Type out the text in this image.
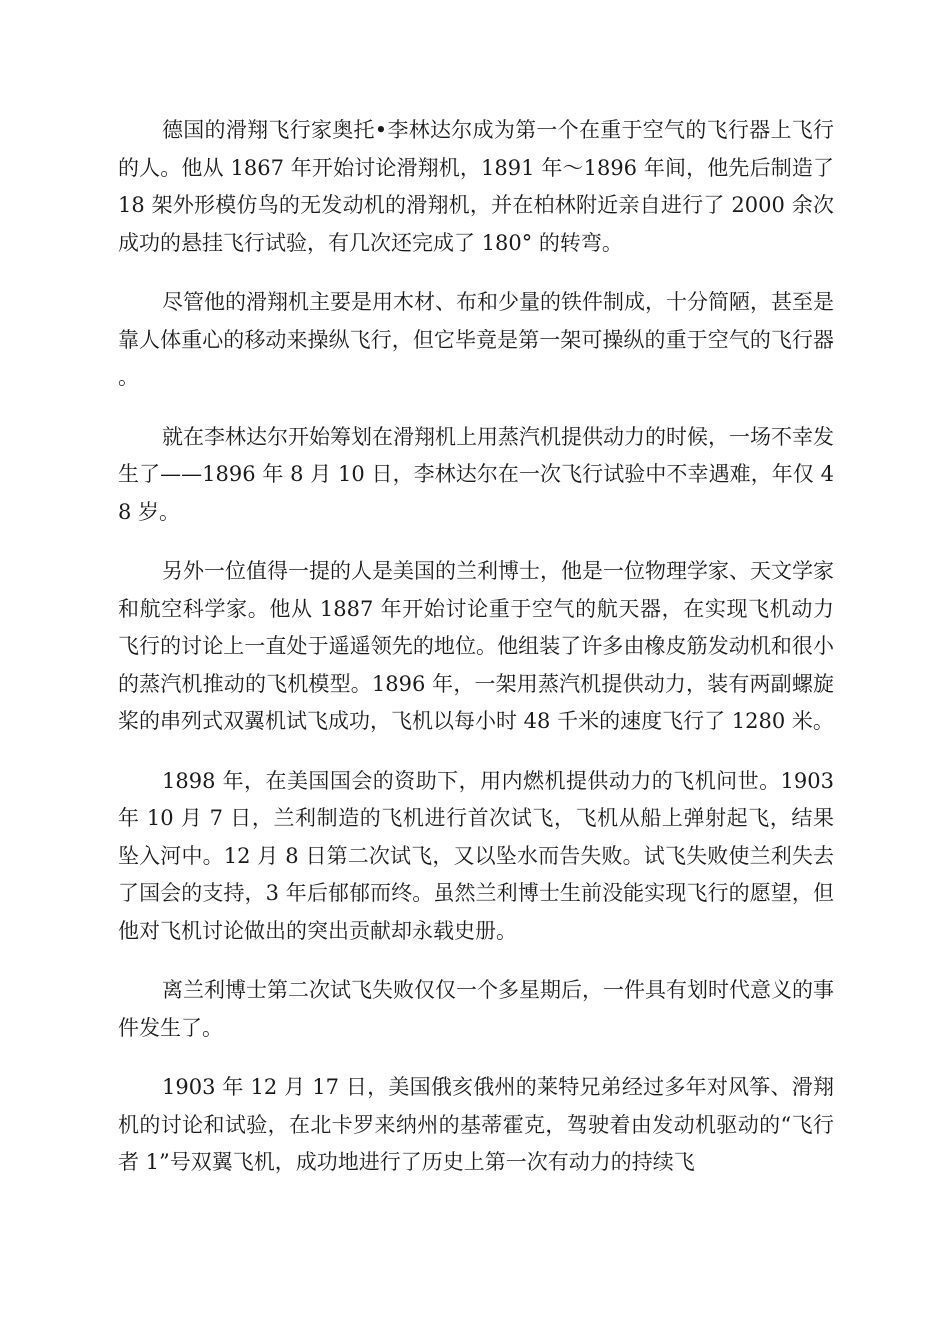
德国的滑翔飞行家奥托•李林达尔成为第一个在重于空气的飞行器上飞行的人。他从 1867 年开始讨论滑翔机，1891 年～1896 年间，他先后制造了 18 架外形模仿鸟的无发动机的滑翔机，并在柏林附近亲自进行了 2000 余次成功的悬挂飞行试验，有几次还完成了 180° 的转弯。

尽管他的滑翔机主要是用木材、布和少量的铁件制成，十分简陋，甚至是靠人体重心的移动来操纵飞行，但它毕竟是第一架可操纵的重于空气的飞行器。

就在李林达尔开始筹划在滑翔机上用蒸汽机提供动力的时候，一场不幸发生了——1896 年 8 月 10 日，李林达尔在一次飞行试验中不幸遇难，年仅 48 岁。

另外一位值得一提的人是美国的兰利博士，他是一位物理学家、天文学家和航空科学家。他从 1887 年开始讨论重于空气的航天器，在实现飞机动力飞行的讨论上一直处于遥遥领先的地位。他组装了许多由橡皮筋发动机和很小的蒸汽机推动的飞机模型。1896 年，一架用蒸汽机提供动力，装有两副螺旋桨的串列式双翼机试飞成功，飞机以每小时 48 千米的速度飞行了 1280 米。

1898 年，在美国国会的资助下，用内燃机提供动力的飞机问世。1903 年 10 月 7 日，兰利制造的飞机进行首次试飞，飞机从船上弹射起飞，结果坠入河中。12 月 8 日第二次试飞，又以坠水而告失败。试飞失败使兰利失去了国会的支持，3 年后郁郁而终。虽然兰利博士生前没能实现飞行的愿望，但他对飞机讨论做出的突出贡献却永载史册。

离兰利博士第二次试飞失败仅仅一个多星期后，一件具有划时代意义的事件发生了。

1903 年 12 月 17 日，美国俄亥俄州的莱特兄弟经过多年对风筝、滑翔机的讨论和试验，在北卡罗来纳州的基蒂霍克，驾驶着由发动机驱动的“飞行者 1”号双翼飞机，成功地进行了历史上第一次有动力的持续飞
